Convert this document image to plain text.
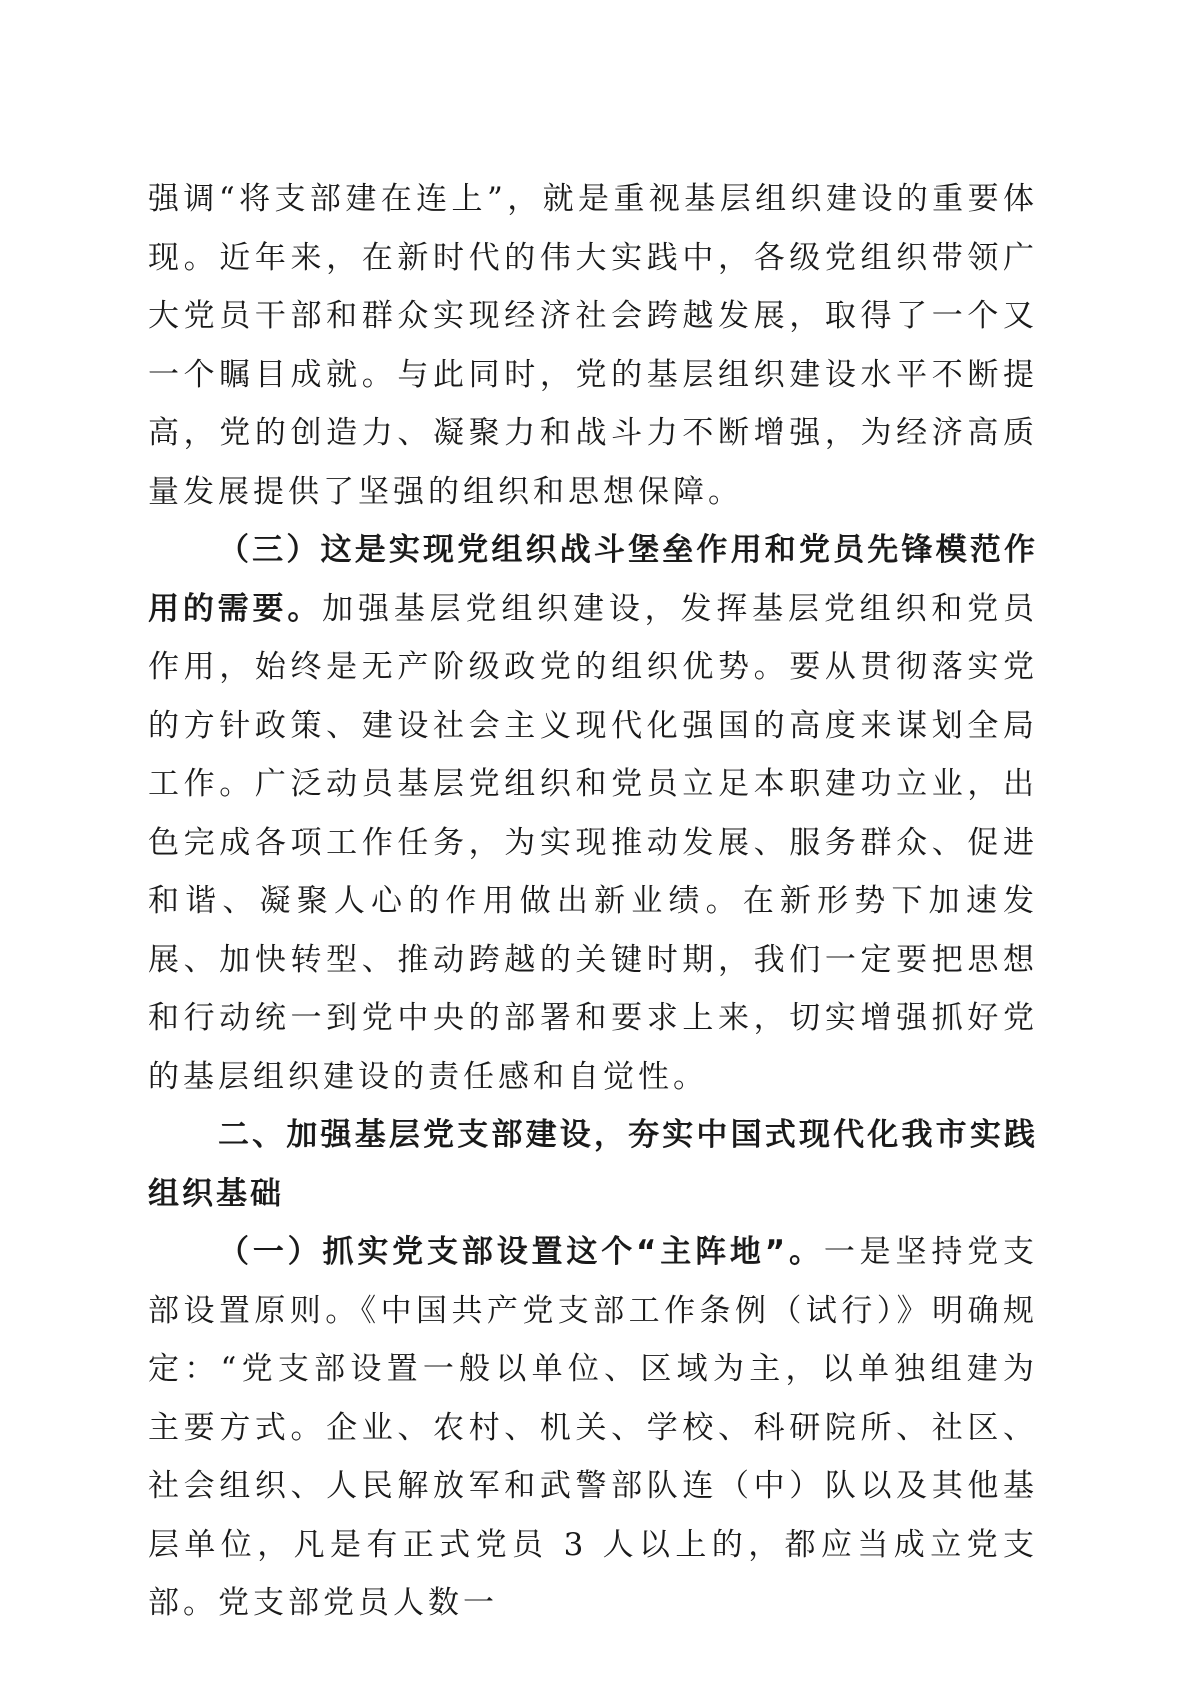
强调“将支部建在连上”，就是重视基层组织建设的重要体现。近年来，在新时代的伟大实践中，各级党组织带领广大党员干部和群众实现经济社会跨越发展，取得了一个又一个瞩目成就。与此同时，党的基层组织建设水平不断提高，党的创造力、凝聚力和战斗力不断增强，为经济高质量发展提供了坚强的组织和思想保障。

（三）这是实现党组织战斗堡垒作用和党员先锋模范作用的需要。加强基层党组织建设，发挥基层党组织和党员作用，始终是无产阶级政党的组织优势。要从贯彻落实党的方针政策、建设社会主义现代化强国的高度来谋划全局工作。广泛动员基层党组织和党员立足本职建功立业，出色完成各项工作任务，为实现推动发展、服务群众、促进和谐、凝聚人心的作用做出新业绩。在新形势下加速发展、加快转型、推动跨越的关键时期，我们一定要把思想和行动统一到党中央的部署和要求上来，切实增强抓好党的基层组织建设的责任感和自觉性。

二、加强基层党支部建设，夯实中国式现代化我市实践组织基础

（一）抓实党支部设置这个“主阵地”。一是坚持党支部设置原则。《中国共产党支部工作条例（试行）》明确规定：“党支部设置一般以单位、区域为主，以单独组建为主要方式。企业、农村、机关、学校、科研院所、社区、社会组织、人民解放军和武警部队连（中）队以及其他基层单位，凡是有正式党员 3 人以上的，都应当成立党支部。党支部党员人数一
